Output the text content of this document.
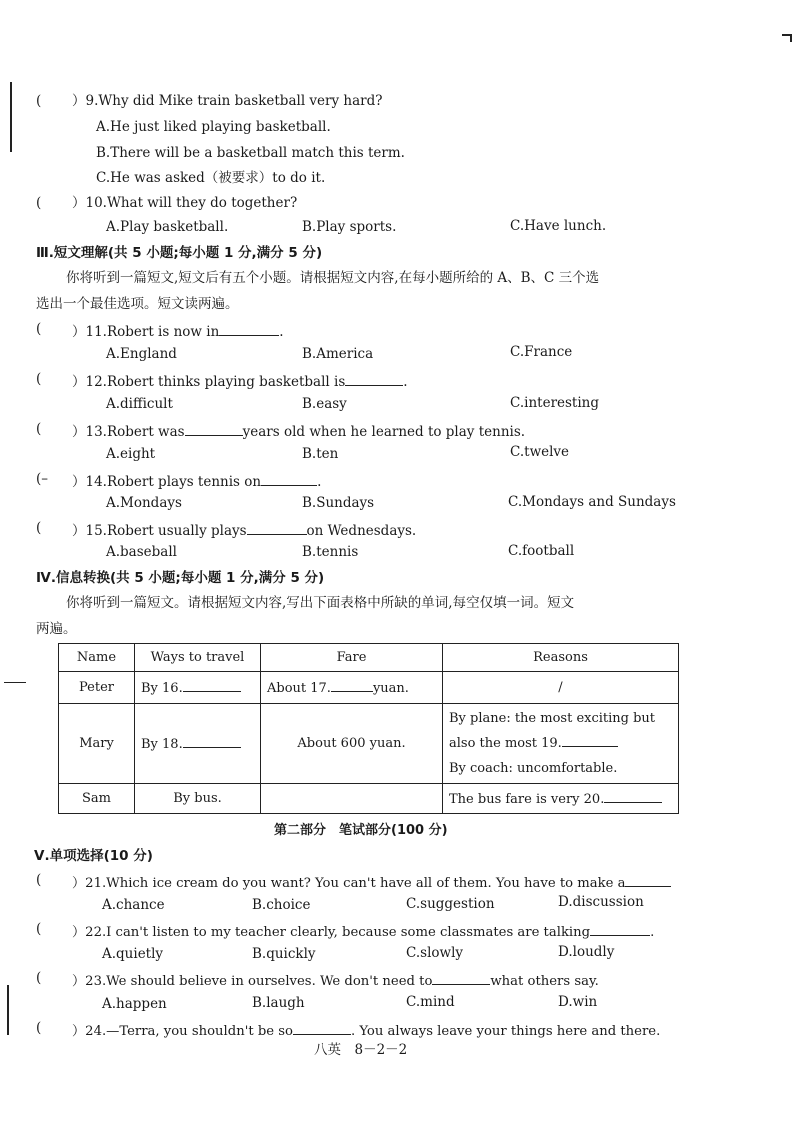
( ）9.Why did Mike train basketball very hard?
A.He just liked playing basketball.
B.There will be a basketball match this term.
C.He was asked（被要求）to do it.
( ）10.What will they do together?
A.Play basketball.	B.Play sports.	C.Have lunch.
Ⅲ.短文理解(共 5 小题;每小题 1 分,满分 5 分)
你将听到一篇短文,短文后有五个小题。请根据短文内容,在每小题所给的 A、B、C 三个选
选出一个最佳选项。短文读两遍。
( ）11.Robert is now in	.
A.England	B.America	C.France
( ）12.Robert thinks playing basketball is	.
A.difficult	B.easy	C.interesting
( ）13.Robert was	years old when he learned to play tennis.
A.eight	B.ten	C.twelve
(– ）14.Robert plays tennis on	.
A.Mondays	B.Sundays	C.Mondays and Sundays
( ）15.Robert usually plays	on Wednesdays.
A.baseball	B.tennis	C.football
Ⅳ.信息转换(共 5 小题;每小题 1 分,满分 5 分)
你将听到一篇短文。请根据短文内容,写出下面表格中所缺的单词,每空仅填一词。短文
两遍。
Name	Ways to travel	Fare	Reasons
Peter	By 16.	About 17. yuan.	/
Mary	By 18.	About 600 yuan.	By plane: the most exciting but
also the most 19.
By coach: uncomfortable.

Sam	By bus.		The bus fare is very 20.
第二部分　笔试部分(100 分)
Ⅴ.单项选择(10 分)
( ）21.Which ice cream do you want? You can't have all of them. You have to make a
A.chance	B.choice	C.suggestion	D.discussion
( ）22.I can't listen to my teacher clearly, because some classmates are talking	.
A.quietly	B.quickly	C.slowly	D.loudly
( ）23.We should believe in ourselves. We don't need to	what others say.
A.happen	B.laugh	C.mind	D.win
( ）24.—Terra, you shouldn't be so	. You always leave your things here and there.
八英　8－2－2
